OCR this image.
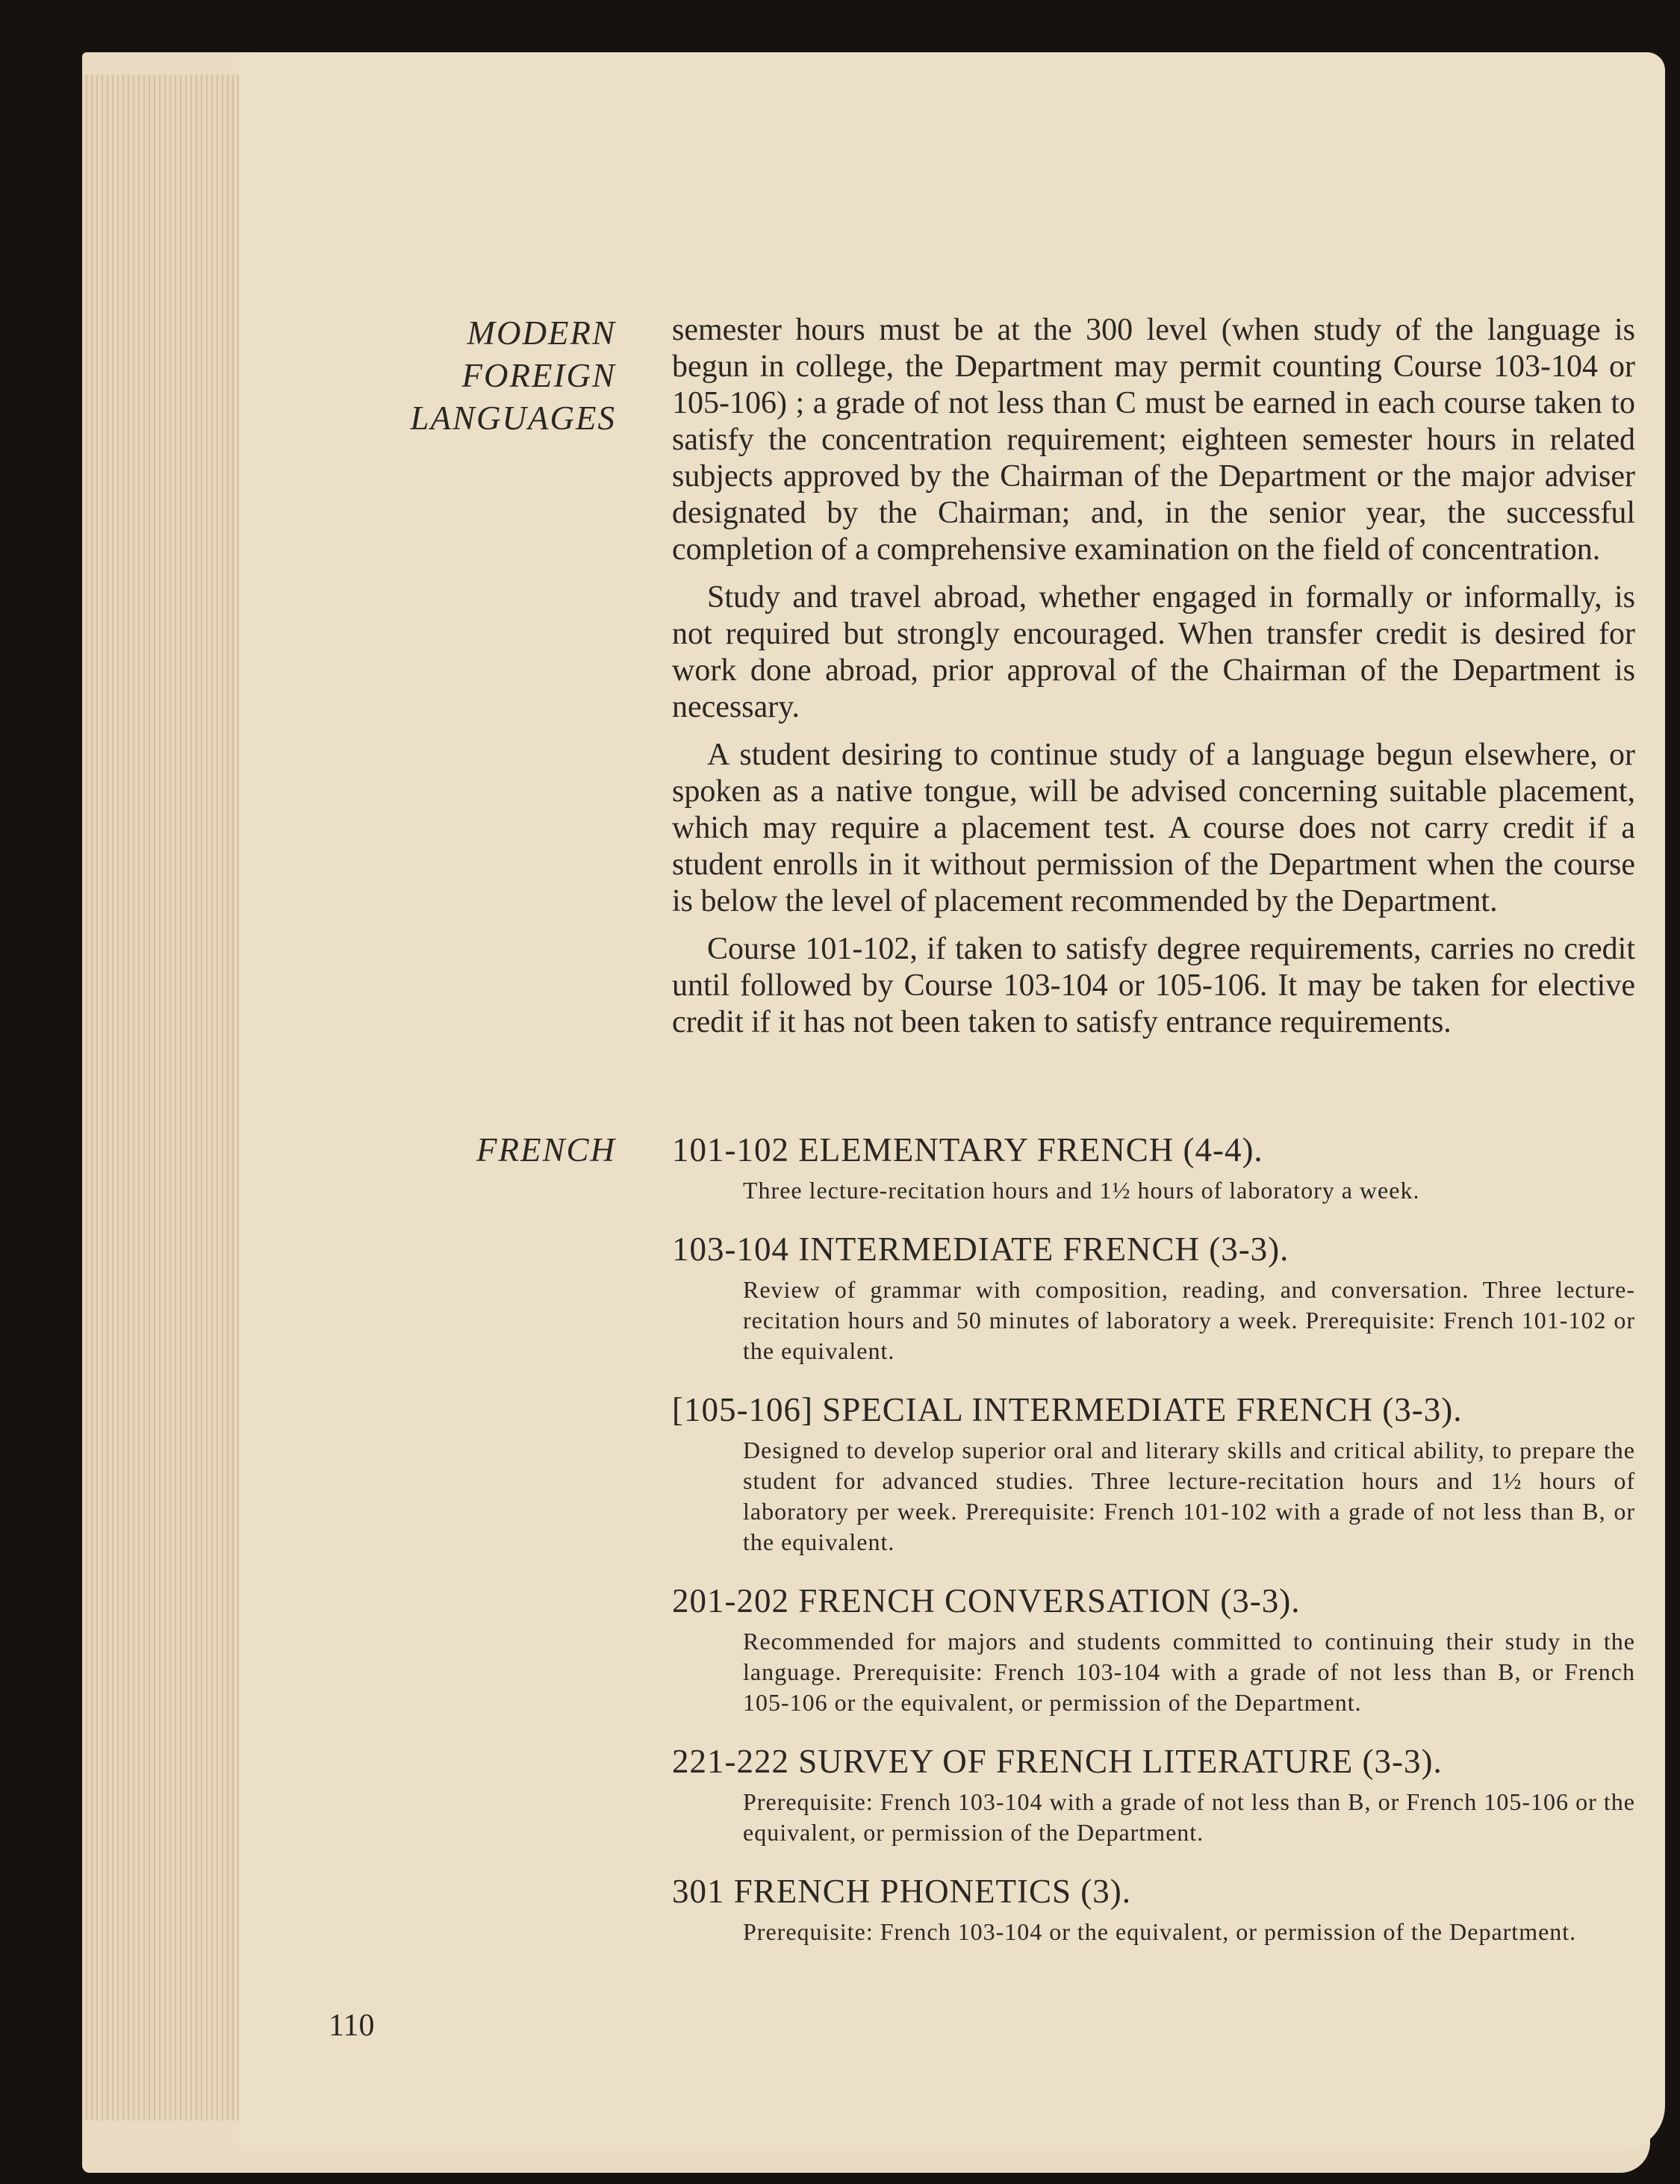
MODERN
FOREIGN
LANGUAGES

semester hours must be at the 300 level (when study of the language is begun in college, the Department may permit counting Course 103-104 or 105-106) ; a grade of not less than C must be earned in each course taken to satisfy the concentration requirement; eighteen semester hours in related subjects approved by the Chairman of the Department or the major adviser designated by the Chairman; and, in the senior year, the successful completion of a comprehensive examination on the field of concentration.

Study and travel abroad, whether engaged in formally or informally, is not required but strongly encouraged. When transfer credit is desired for work done abroad, prior approval of the Chairman of the Department is necessary.

A student desiring to continue study of a language begun elsewhere, or spoken as a native tongue, will be advised concerning suitable placement, which may require a placement test. A course does not carry credit if a student enrolls in it without permission of the Department when the course is below the level of placement recommended by the Department.

Course 101-102, if taken to satisfy degree requirements, carries no credit until followed by Course 103-104 or 105-106. It may be taken for elective credit if it has not been taken to satisfy entrance requirements.

FRENCH 101-102 ELEMENTARY FRENCH (4-4).
Three lecture-recitation hours and 1½ hours of laboratory a week.
103-104 INTERMEDIATE FRENCH (3-3).
Review of grammar with composition, reading, and conversation. Three lecture-recitation hours and 50 minutes of laboratory a week. Prerequisite: French 101-102 or the equivalent.
[105-106] SPECIAL INTERMEDIATE FRENCH (3-3).
Designed to develop superior oral and literary skills and critical ability, to prepare the student for advanced studies. Three lecture-recitation hours and 1½ hours of laboratory per week. Prerequisite: French 101-102 with a grade of not less than B, or the equivalent.
201-202 FRENCH CONVERSATION (3-3).
Recommended for majors and students committed to continuing their study in the language. Prerequisite: French 103-104 with a grade of not less than B, or French 105-106 or the equivalent, or permission of the Department.
221-222 SURVEY OF FRENCH LITERATURE (3-3).
Prerequisite: French 103-104 with a grade of not less than B, or French 105-106 or the equivalent, or permission of the Department.
301 FRENCH PHONETICS (3).
Prerequisite: French 103-104 or the equivalent, or permission of the Department.
110
